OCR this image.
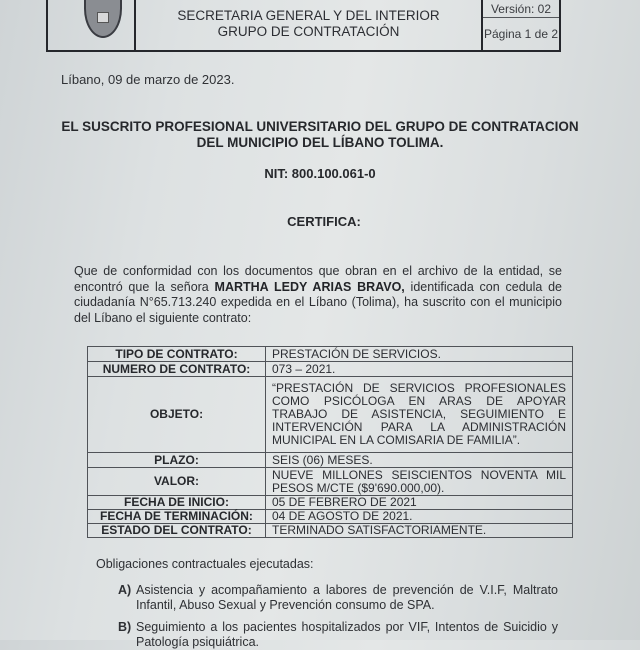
SECRETARIA GENERAL Y DEL INTERIOR
GRUPO DE CONTRATACIÓN
Versión: 02
Página 1 de 2
Líbano, 09 de marzo de 2023.
EL SUSCRITO PROFESIONAL UNIVERSITARIO DEL GRUPO DE CONTRATACION
DEL MUNICIPIO DEL LÍBANO TOLIMA.
NIT: 800.100.061-0
CERTIFICA:
Que de conformidad con los documentos que obran en el archivo de la entidad, se encontró que la señora MARTHA LEDY ARIAS BRAVO, identificada con cedula de ciudadanía N°65.713.240 expedida en el Líbano (Tolima), ha suscrito con el municipio del Líbano el siguiente contrato:
TIPO DE CONTRATO:	PRESTACIÓN DE SERVICIOS.
NUMERO DE CONTRATO:	073 – 2021.
OBJETO:	“PRESTACIÓN DE SERVICIOS PROFESIONALES COMO PSICÓLOGA EN ARAS DE APOYAR TRABAJO DE ASISTENCIA, SEGUIMIENTO E INTERVENCIÓN PARA LA ADMINISTRACIÓN MUNICIPAL EN LA COMISARIA DE FAMILIA”.
PLAZO:	SEIS (06) MESES.
VALOR:	NUEVE MILLONES SEISCIENTOS NOVENTA MIL PESOS M/CTE ($9'690.000,00).
FECHA DE INICIO:	05 DE FEBRERO DE 2021
FECHA DE TERMINACIÓN:	04 DE AGOSTO DE 2021.
ESTADO DEL CONTRATO:	TERMINADO SATISFACTORIAMENTE.
Obligaciones contractuales ejecutadas:
A) Asistencia y acompañamiento a labores de prevención de V.I.F, Maltrato Infantil, Abuso Sexual y Prevención consumo de SPA.
B) Seguimiento a los pacientes hospitalizados por VIF, Intentos de Suicidio y Patología psiquiátrica.
